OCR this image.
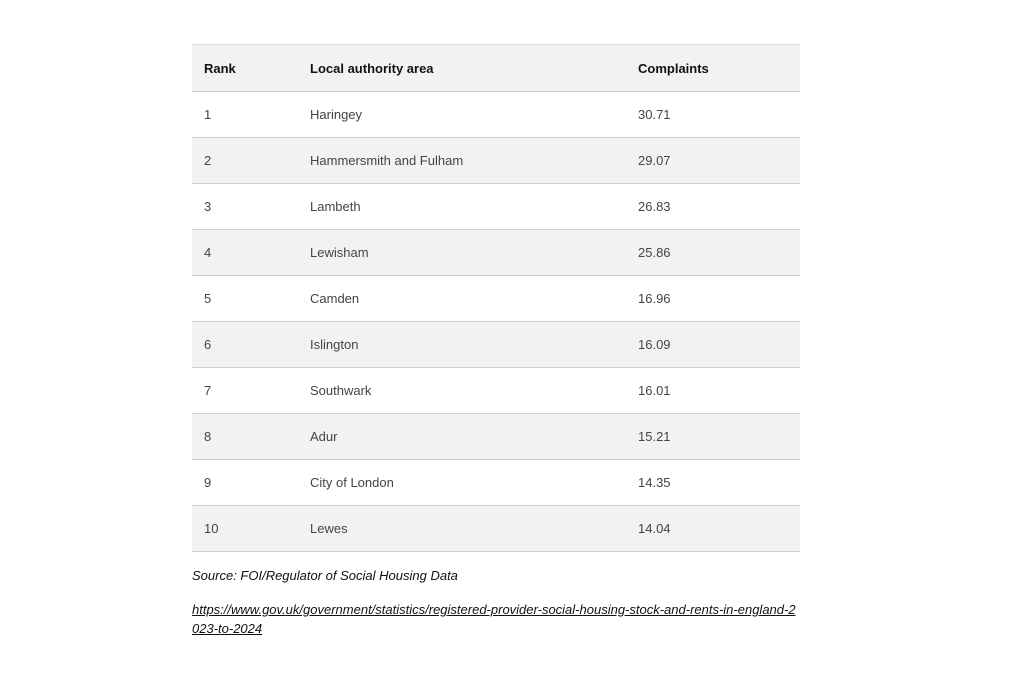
Rank	Local authority area	Complaints
1	Haringey	30.71
2	Hammersmith and Fulham	29.07
3	Lambeth	26.83
4	Lewisham	25.86
5	Camden	16.96
6	Islington	16.09
7	Southwark	16.01
8	Adur	15.21
9	City of London	14.35
10	Lewes	14.04
Source: FOI/Regulator of Social Housing Data
https://www.gov.uk/government/statistics/registered-provider-social-housing-stock-and-rents-in-england-2023-to-2024
